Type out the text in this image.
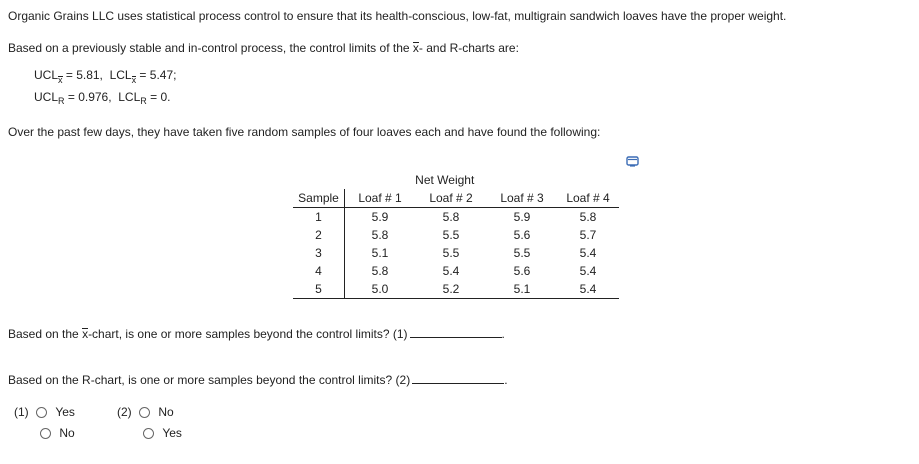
Organic Grains LLC uses statistical process control to ensure that its health-conscious, low-fat, multigrain sandwich loaves have the proper weight.
Based on a previously stable and in-control process, the control limits of the x- and R-charts are:
UCLx = 5.81, LCLx = 5.47;
$UCL_R = 0.976$, $LCL_R = 0$.
Over the past few days, they have taken five random samples of four loaves each and have found the following:
	Net Weight			
Sample	Loaf # 1	Loaf # 2	Loaf # 3	Loaf # 4
1	5.9	5.8	5.9	5.8
2	5.8	5.5	5.6	5.7
3	5.1	5.5	5.5	5.4
4	5.8	5.4	5.6	5.4
5	5.0	5.2	5.1	5.4
Based on the x-chart, is one or more samples beyond the control limits? (1)	.
Based on the R-chart, is one or more samples beyond the control limits? (2)	.
(1) Yes
No
(2) No
Yes
